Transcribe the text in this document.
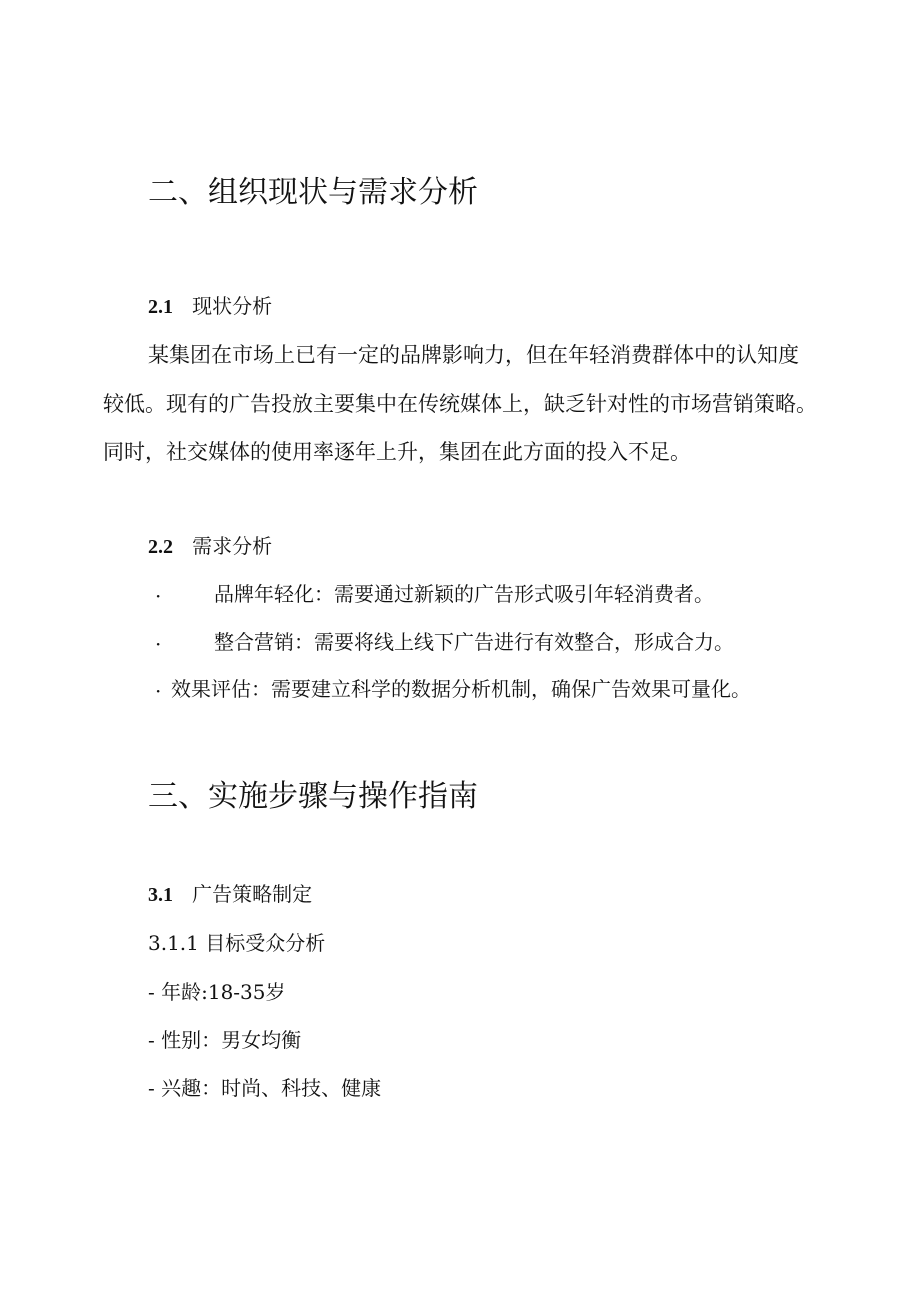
二、组织现状与需求分析
2.1 现状分析
某集团在市场上已有一定的品牌影响力，但在年轻消费群体中的认知度
较低。现有的广告投放主要集中在传统媒体上，缺乏针对性的市场营销策略。
同时，社交媒体的使用率逐年上升，集团在此方面的投入不足。
2.2 需求分析
·	品牌年轻化：需要通过新颖的广告形式吸引年轻消费者。
·	整合营销：需要将线上线下广告进行有效整合，形成合力。
· 效果评估：需要建立科学的数据分析机制，确保广告效果可量化。
三、实施步骤与操作指南
3.1 广告策略制定
3.1.1 目标受众分析
- 年龄:18-35岁
- 性别：男女均衡
- 兴趣：时尚、科技、健康
